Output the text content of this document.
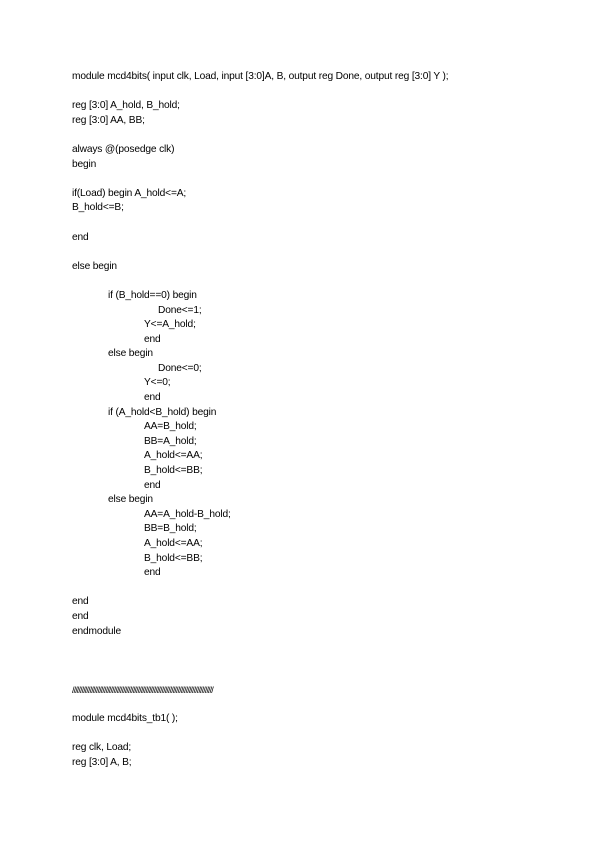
module mcd4bits( input clk, Load, input [3:0]A, B, output reg Done, output reg [3:0] Y );
reg [3:0] A_hold, B_hold;
reg [3:0] AA, BB;
always @(posedge clk)
begin
if(Load) begin A_hold<=A;
B_hold<=B;
end
else begin
if (B_hold==0) begin
Done<=1;
Y<=A_hold;
end
else begin
Done<=0;
Y<=0;
end
if (A_hold<B_hold) begin
AA=B_hold;
BB=A_hold;
A_hold<=AA;
B_hold<=BB;
end
else begin
AA=A_hold-B_hold;
BB=B_hold;
A_hold<=AA;
B_hold<=BB;
end
end
end
endmodule
////////////////////////////////////////////////////////////////////////////////////////
module mcd4bits_tb1( );
reg clk, Load;
reg [3:0] A, B;
